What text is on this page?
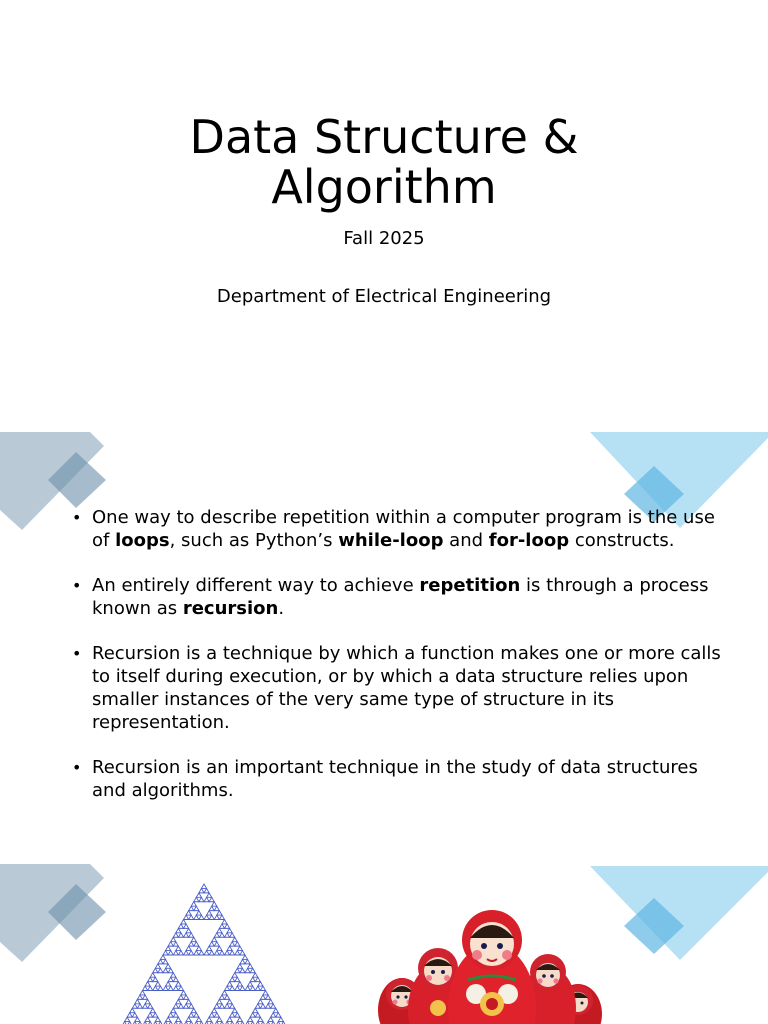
Data Structure &
Algorithm
Fall 2025
Department of Electrical Engineering
• One way to describe repetition within a computer program is the use of loops, such as Python’s while-loop and for-loop constructs.
• An entirely different way to achieve repetition is through a process known as recursion.
• Recursion is a technique by which a function makes one or more calls to itself during execution, or by which a data structure relies upon smaller instances of the very same type of structure in its representation.
• Recursion is an important technique in the study of data structures and algorithms.
